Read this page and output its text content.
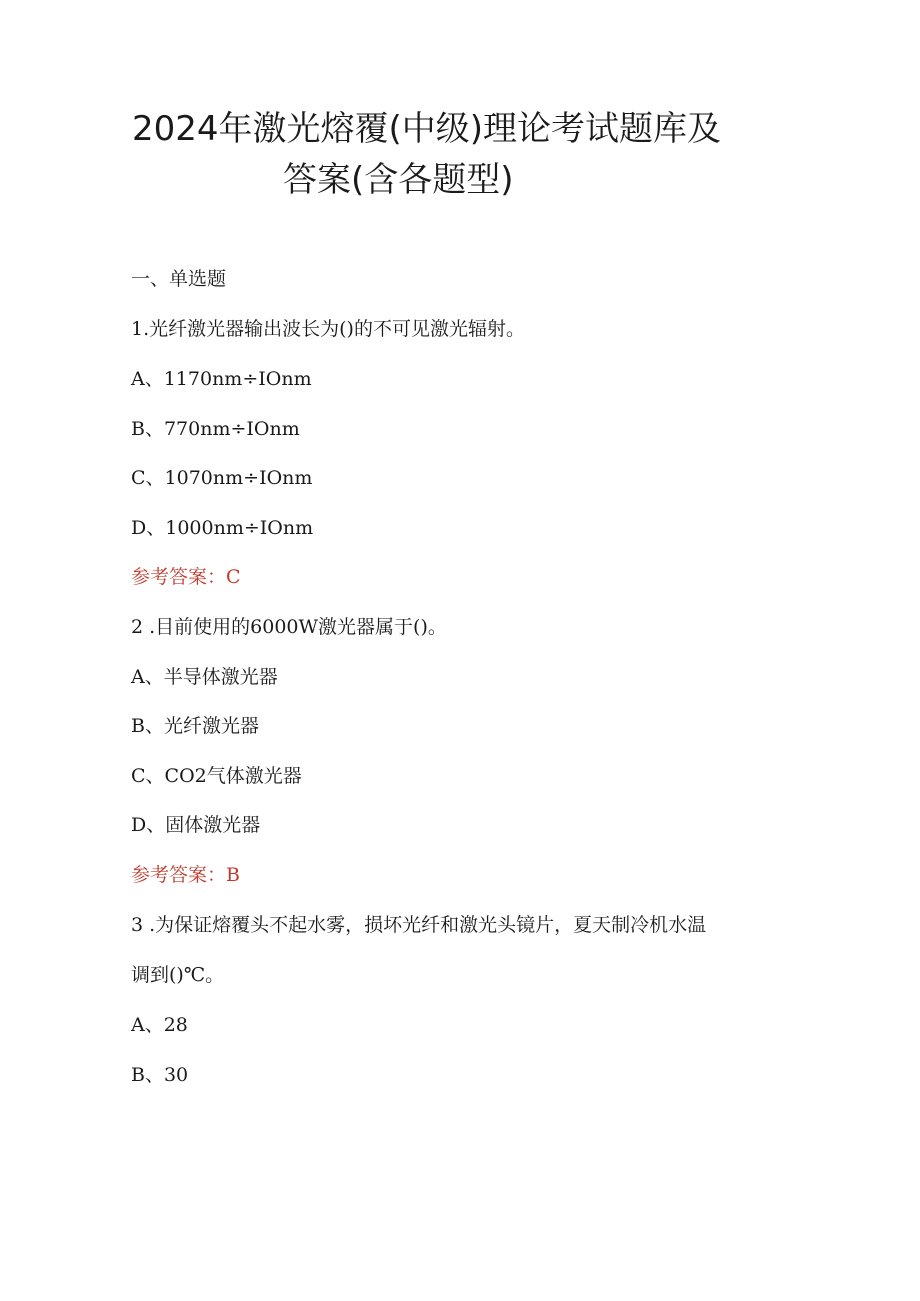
2024年激光熔覆(中级)理论考试题库及
答案(含各题型)

一、单选题

1.光纤激光器输出波长为()的不可见激光辐射。

A、1170nm÷IOnm

B、770nm÷IOnm

C、1070nm÷IOnm

D、1000nm÷IOnm

参考答案：C

2 .目前使用的6000W激光器属于()。

A、半导体激光器

B、光纤激光器

C、CO2气体激光器

D、固体激光器

参考答案：B

3 .为保证熔覆头不起水雾，损坏光纤和激光头镜片，夏天制冷机水温

调到()℃。

A、28

B、30
